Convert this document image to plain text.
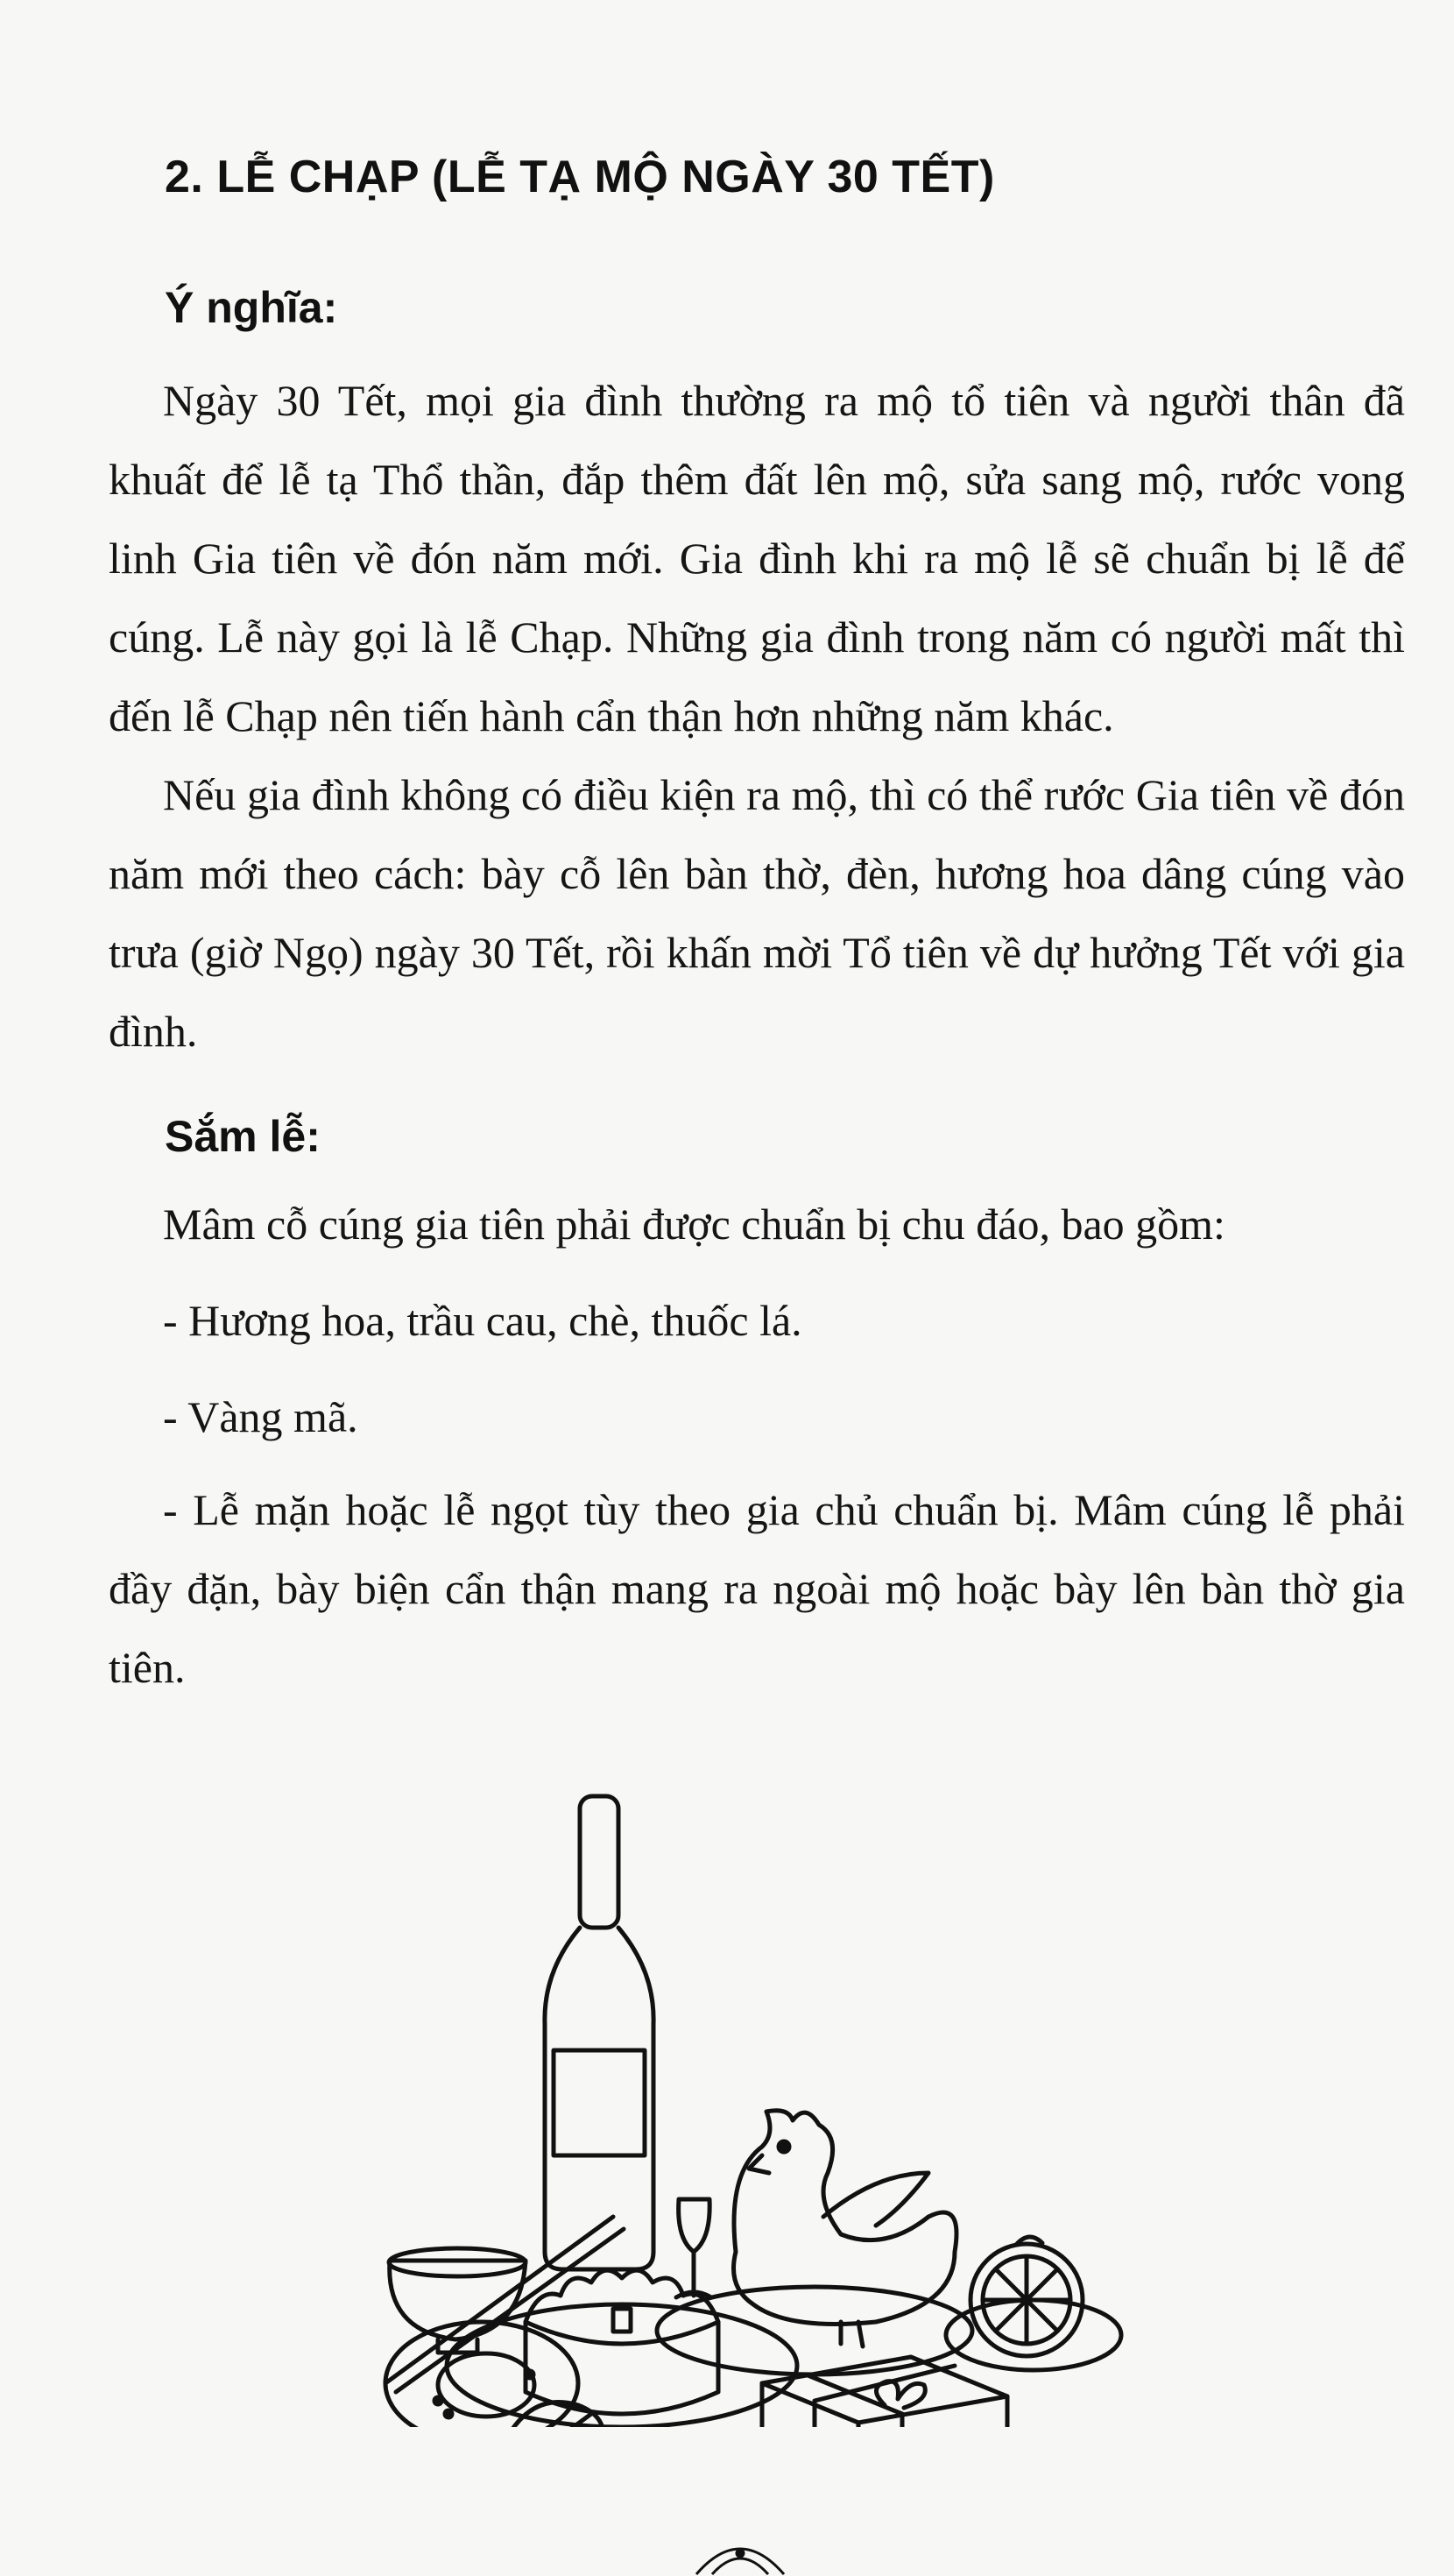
2. LỄ CHẠP (LỄ TẠ MỘ NGÀY 30 TẾT)
Ý nghĩa:

Ngày 30 Tết, mọi gia đình thường ra mộ tổ tiên và người thân đã khuất để lễ tạ Thổ thần, đắp thêm đất lên mộ, sửa sang mộ, rước vong linh Gia tiên về đón năm mới. Gia đình khi ra mộ lễ sẽ chuẩn bị lễ để cúng. Lễ này gọi là lễ Chạp. Những gia đình trong năm có người mất thì đến lễ Chạp nên tiến hành cẩn thận hơn những năm khác.

Nếu gia đình không có điều kiện ra mộ, thì có thể rước Gia tiên về đón năm mới theo cách: bày cỗ lên bàn thờ, đèn, hương hoa dâng cúng vào trưa (giờ Ngọ) ngày 30 Tết, rồi khấn mời Tổ tiên về dự hưởng Tết với gia đình.

Sắm lễ:

Mâm cỗ cúng gia tiên phải được chuẩn bị chu đáo, bao gồm:

- Hương hoa, trầu cau, chè, thuốc lá.

- Vàng mã.

- Lễ mặn hoặc lễ ngọt tùy theo gia chủ chuẩn bị. Mâm cúng lễ phải đầy đặn, bày biện cẩn thận mang ra ngoài mộ hoặc bày lên bàn thờ gia tiên.
